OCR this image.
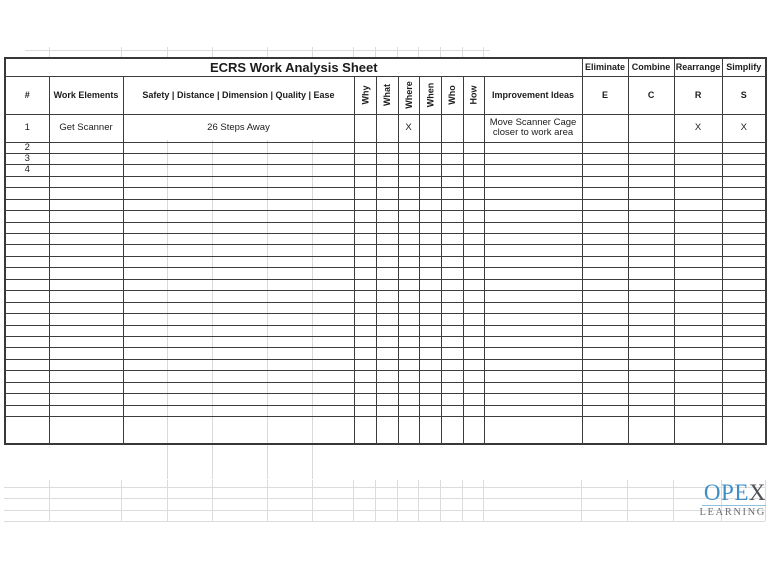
ECRS Work Analysis Sheet										Eliminate	Combine	Rearrange	Simplify
#	Work Elements	Safety | Distance | Dimension | Quality | Ease	Why	What	Where	When	Who	How	Improvement Ideas	E	C	R	S
1	Get Scanner	26 Steps Away			X				Move Scanner Cage closer to work area			X	X
2													
3													
4													

OPEX
LEARNING
